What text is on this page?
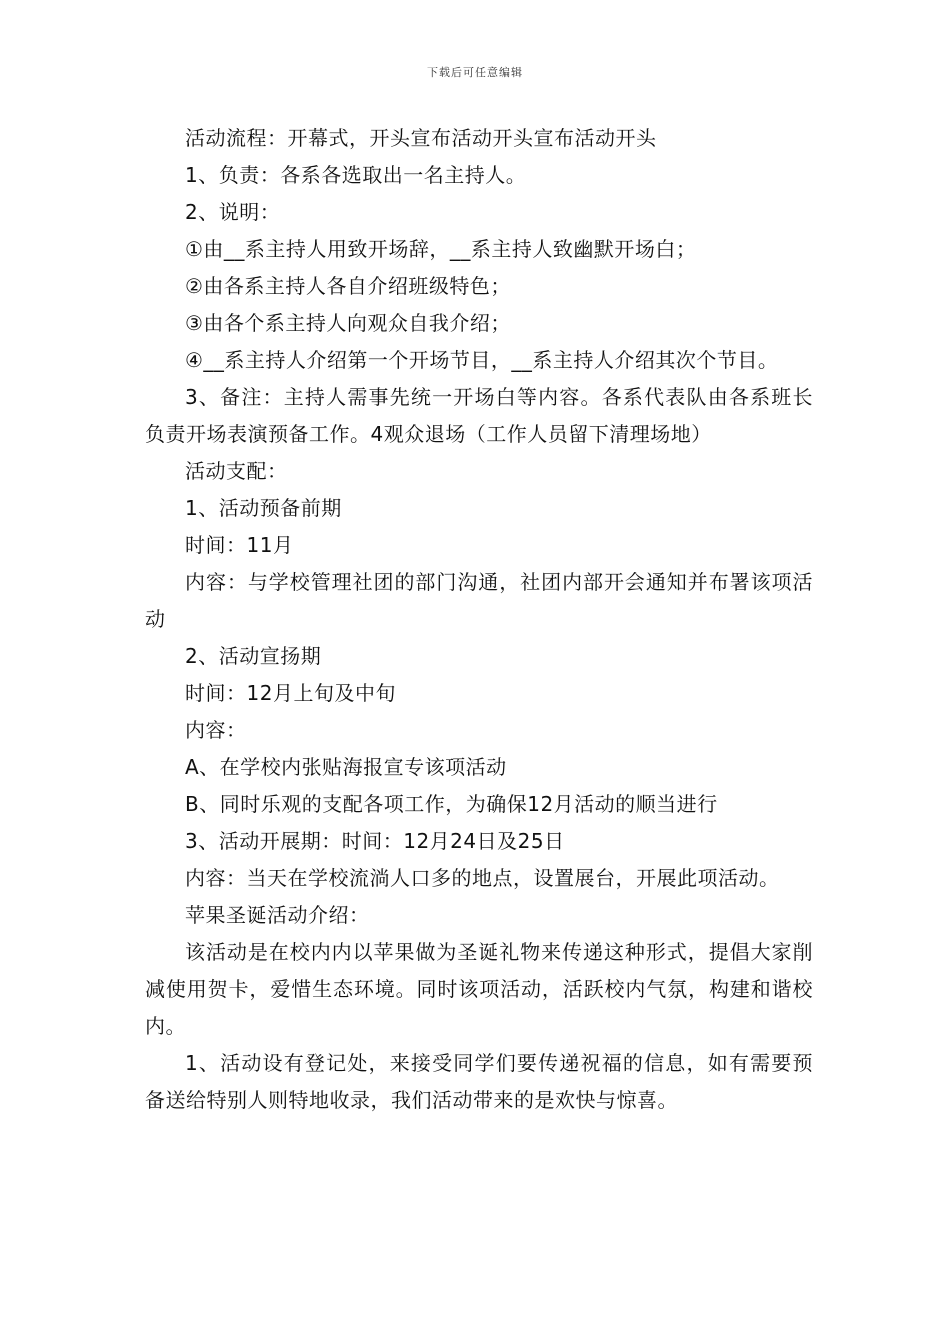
下载后可任意编辑

活动流程：开幕式，开头宣布活动开头宣布活动开头

1、负责：各系各选取出一名主持人。

2、说明：

①由__系主持人用致开场辞，__系主持人致幽默开场白；

②由各系主持人各自介绍班级特色；

③由各个系主持人向观众自我介绍；

④__系主持人介绍第一个开场节目，__系主持人介绍其次个节目。

3、备注：主持人需事先统一开场白等内容。各系代表队由各系班长负责开场表演预备工作。4观众退场（工作人员留下清理场地）

活动支配：

1、活动预备前期

时间：11月

内容：与学校管理社团的部门沟通，社团内部开会通知并布署该项活动

2、活动宣扬期

时间：12月上旬及中旬

内容：

A、在学校内张贴海报宣专该项活动

B、同时乐观的支配各项工作，为确保12月活动的顺当进行

3、活动开展期：时间：12月24日及25日

内容：当天在学校流淌人口多的地点，设置展台，开展此项活动。

苹果圣诞活动介绍：

该活动是在校内内以苹果做为圣诞礼物来传递这种形式，提倡大家削减使用贺卡，爱惜生态环境。同时该项活动，活跃校内气氛，构建和谐校内。

1、活动设有登记处，来接受同学们要传递祝福的信息，如有需要预备送给特别人则特地收录，我们活动带来的是欢快与惊喜。
